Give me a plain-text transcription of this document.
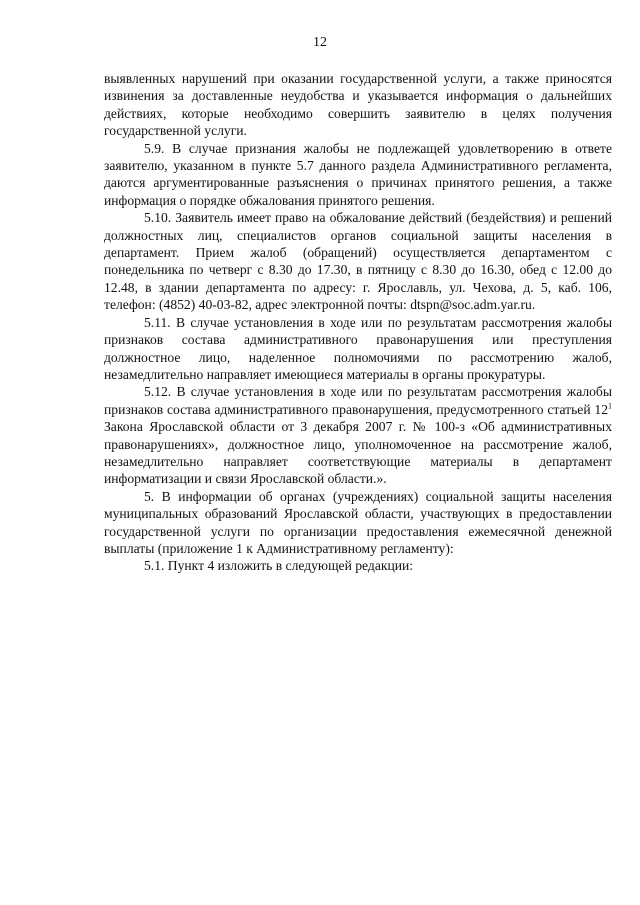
12

выявленных нарушений при оказании государственной услуги, а также приносятся извинения за доставленные неудобства и указывается информация о дальнейших действиях, которые необходимо совершить заявителю в целях получения государственной услуги.

5.9. В случае признания жалобы не подлежащей удовлетворению в ответе заявителю, указанном в пункте 5.7 данного раздела Административного регламента, даются аргументированные разъяснения о причинах принятого решения, а также информация о порядке обжалования принятого решения.

5.10. Заявитель имеет право на обжалование действий (бездействия) и решений должностных лиц, специалистов органов социальной защиты населения в департамент. Прием жалоб (обращений) осуществляется департаментом с понедельника по четверг с 8.30 до 17.30, в пятницу с 8.30 до 16.30, обед с 12.00 до 12.48, в здании департамента по адресу: г. Ярославль, ул. Чехова, д. 5, каб. 106, телефон: (4852) 40-03-82, адрес электронной почты: dtspn@soc.adm.yar.ru.

5.11. В случае установления в ходе или по результатам рассмотрения жалобы признаков состава административного правонарушения или преступления должностное лицо, наделенное полномочиями по рассмотрению жалоб, незамедлительно направляет имеющиеся материалы в органы прокуратуры.

5.12. В случае установления в ходе или по результатам рассмотрения жалобы признаков состава административного правонарушения, предусмотренного статьей $12^1$ Закона Ярославской области от 3 декабря 2007 г. № 100-з «Об административных правонарушениях», должностное лицо, уполномоченное на рассмотрение жалоб, незамедлительно направляет соответствующие материалы в департамент информатизации и связи Ярославской области.».

5. В информации об органах (учреждениях) социальной защиты населения муниципальных образований Ярославской области, участвующих в предоставлении государственной услуги по организации предоставления ежемесячной денежной выплаты (приложение 1 к Административному регламенту):

5.1. Пункт 4 изложить в следующей редакции:
